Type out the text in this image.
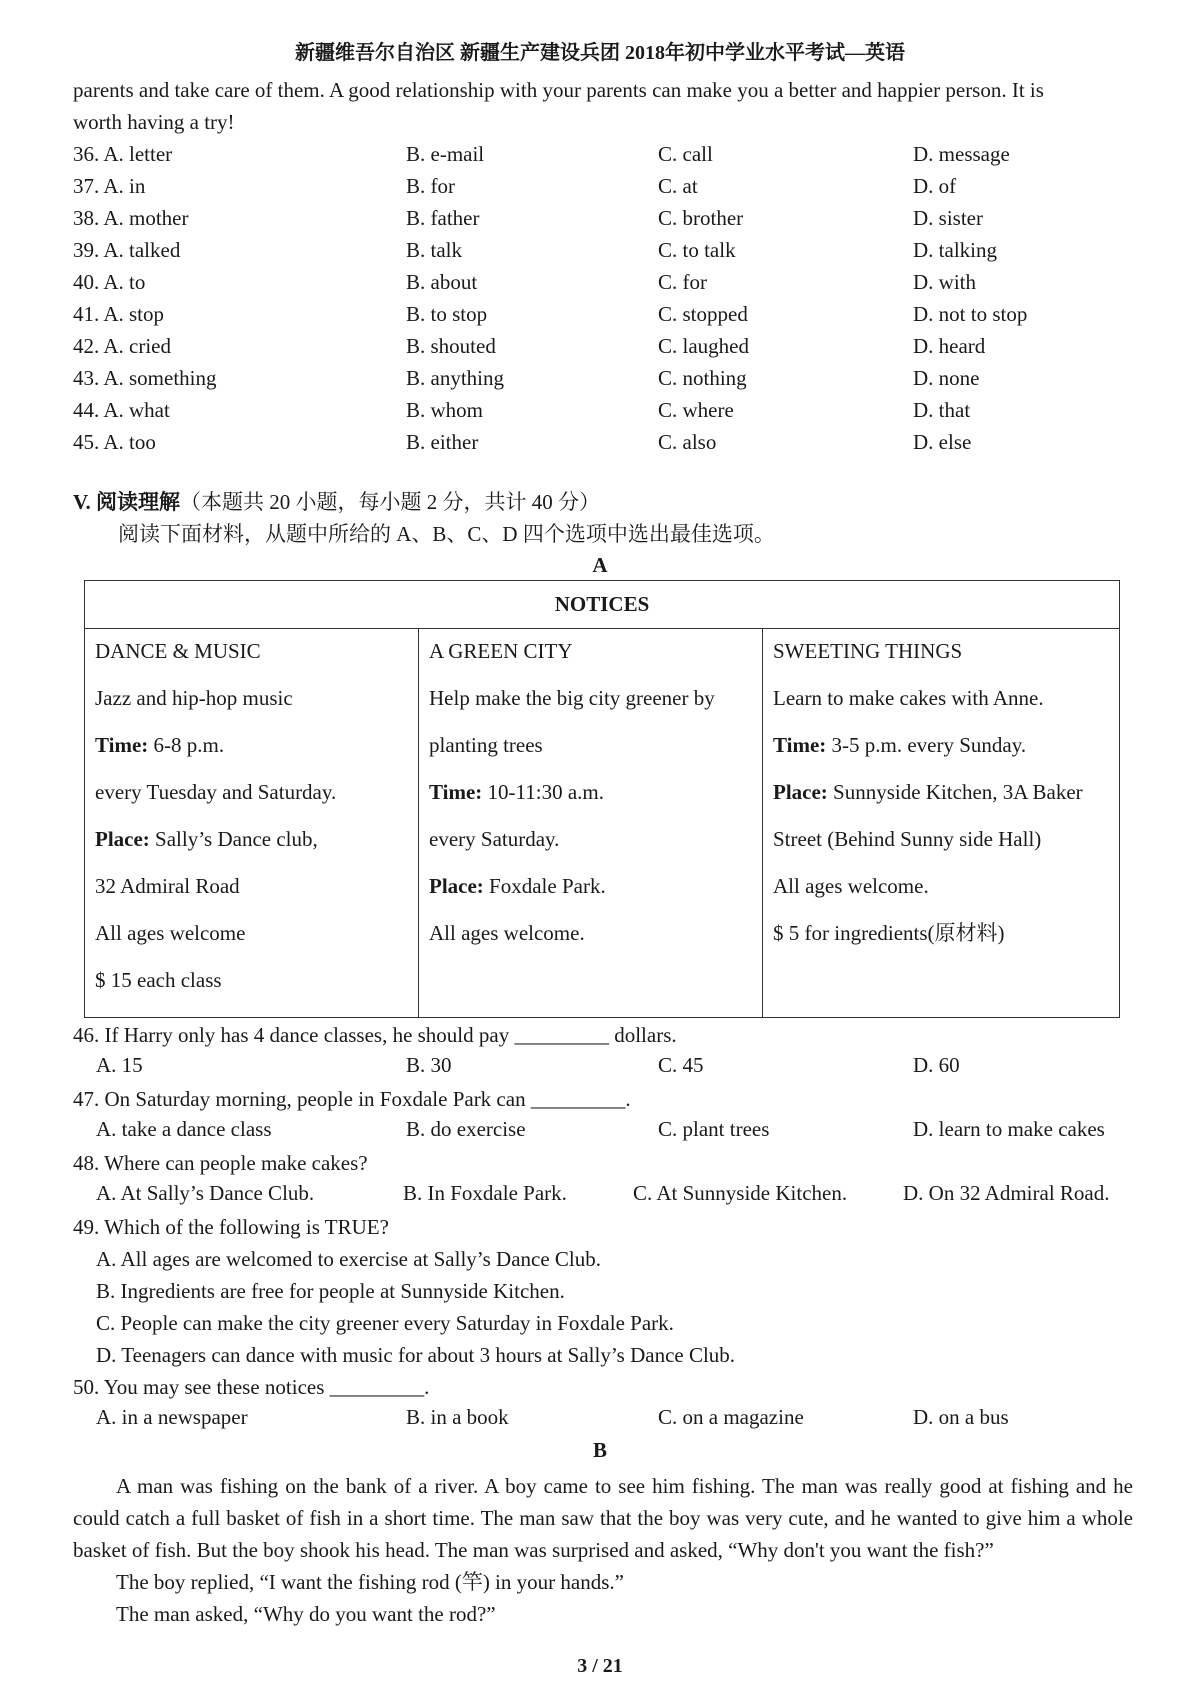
新疆维吾尔自治区 新疆生产建设兵团 2018年初中学业水平考试—英语
parents and take care of them. A good relationship with your parents can make you a better and happier person. It is
worth having a try!
36. A. letter	B. e-mail	C. call	D. message
37. A. in	B. for	C. at	D. of
38. A. mother	B. father	C. brother	D. sister
39. A. talked	B. talk	C. to talk	D. talking
40. A. to	B. about	C. for	D. with
41. A. stop	B. to stop	C. stopped	D. not to stop
42. A. cried	B. shouted	C. laughed	D. heard
43. A. something	B. anything	C. nothing	D. none
44. A. what	B. whom	C. where	D. that
45. A. too	B. either	C. also	D. else
V. 阅读理解（本题共 20 小题，每小题 2 分，共计 40 分）
阅读下面材料，从题中所给的 A、B、C、D 四个选项中选出最佳选项。
A
NOTICES
DANCE & MUSIC
Jazz and hip-hop music
Time: 6-8 p.m.
every Tuesday and Saturday.
Place: Sally’s Dance club,
32 Admiral Road
All ages welcome
$ 15 each class
A GREEN CITY
Help make the big city greener by
planting trees
Time: 10-11:30 a.m.
every Saturday.
Place: Foxdale Park.
All ages welcome.
SWEETING THINGS
Learn to make cakes with Anne.
Time: 3-5 p.m. every Sunday.
Place: Sunnyside Kitchen, 3A Baker
Street (Behind Sunny side Hall)
All ages welcome.
$ 5 for ingredients(原材料)
46. If Harry only has 4 dance classes, he should pay _________ dollars.
A. 15	B. 30	C. 45	D. 60
47. On Saturday morning, people in Foxdale Park can _________.
A. take a dance class	B. do exercise	C. plant trees	D. learn to make cakes
48. Where can people make cakes?
A. At Sally’s Dance Club.	B. In Foxdale Park.	C. At Sunnyside Kitchen.	D. On 32 Admiral Road.
49. Which of the following is TRUE?
A. All ages are welcomed to exercise at Sally’s Dance Club.
B. Ingredients are free for people at Sunnyside Kitchen.
C. People can make the city greener every Saturday in Foxdale Park.
D. Teenagers can dance with music for about 3 hours at Sally’s Dance Club.
50. You may see these notices _________.
A. in a newspaper	B. in a book	C. on a magazine	D. on a bus
B
A man was fishing on the bank of a river. A boy came to see him fishing. The man was really good at fishing and he could catch a full basket of fish in a short time. The man saw that the boy was very cute, and he wanted to give him a whole basket of fish. But the boy shook his head. The man was surprised and asked, “Why don't you want the fish?”
The boy replied, “I want the fishing rod (竿) in your hands.”
The man asked, “Why do you want the rod?”
3 / 21
